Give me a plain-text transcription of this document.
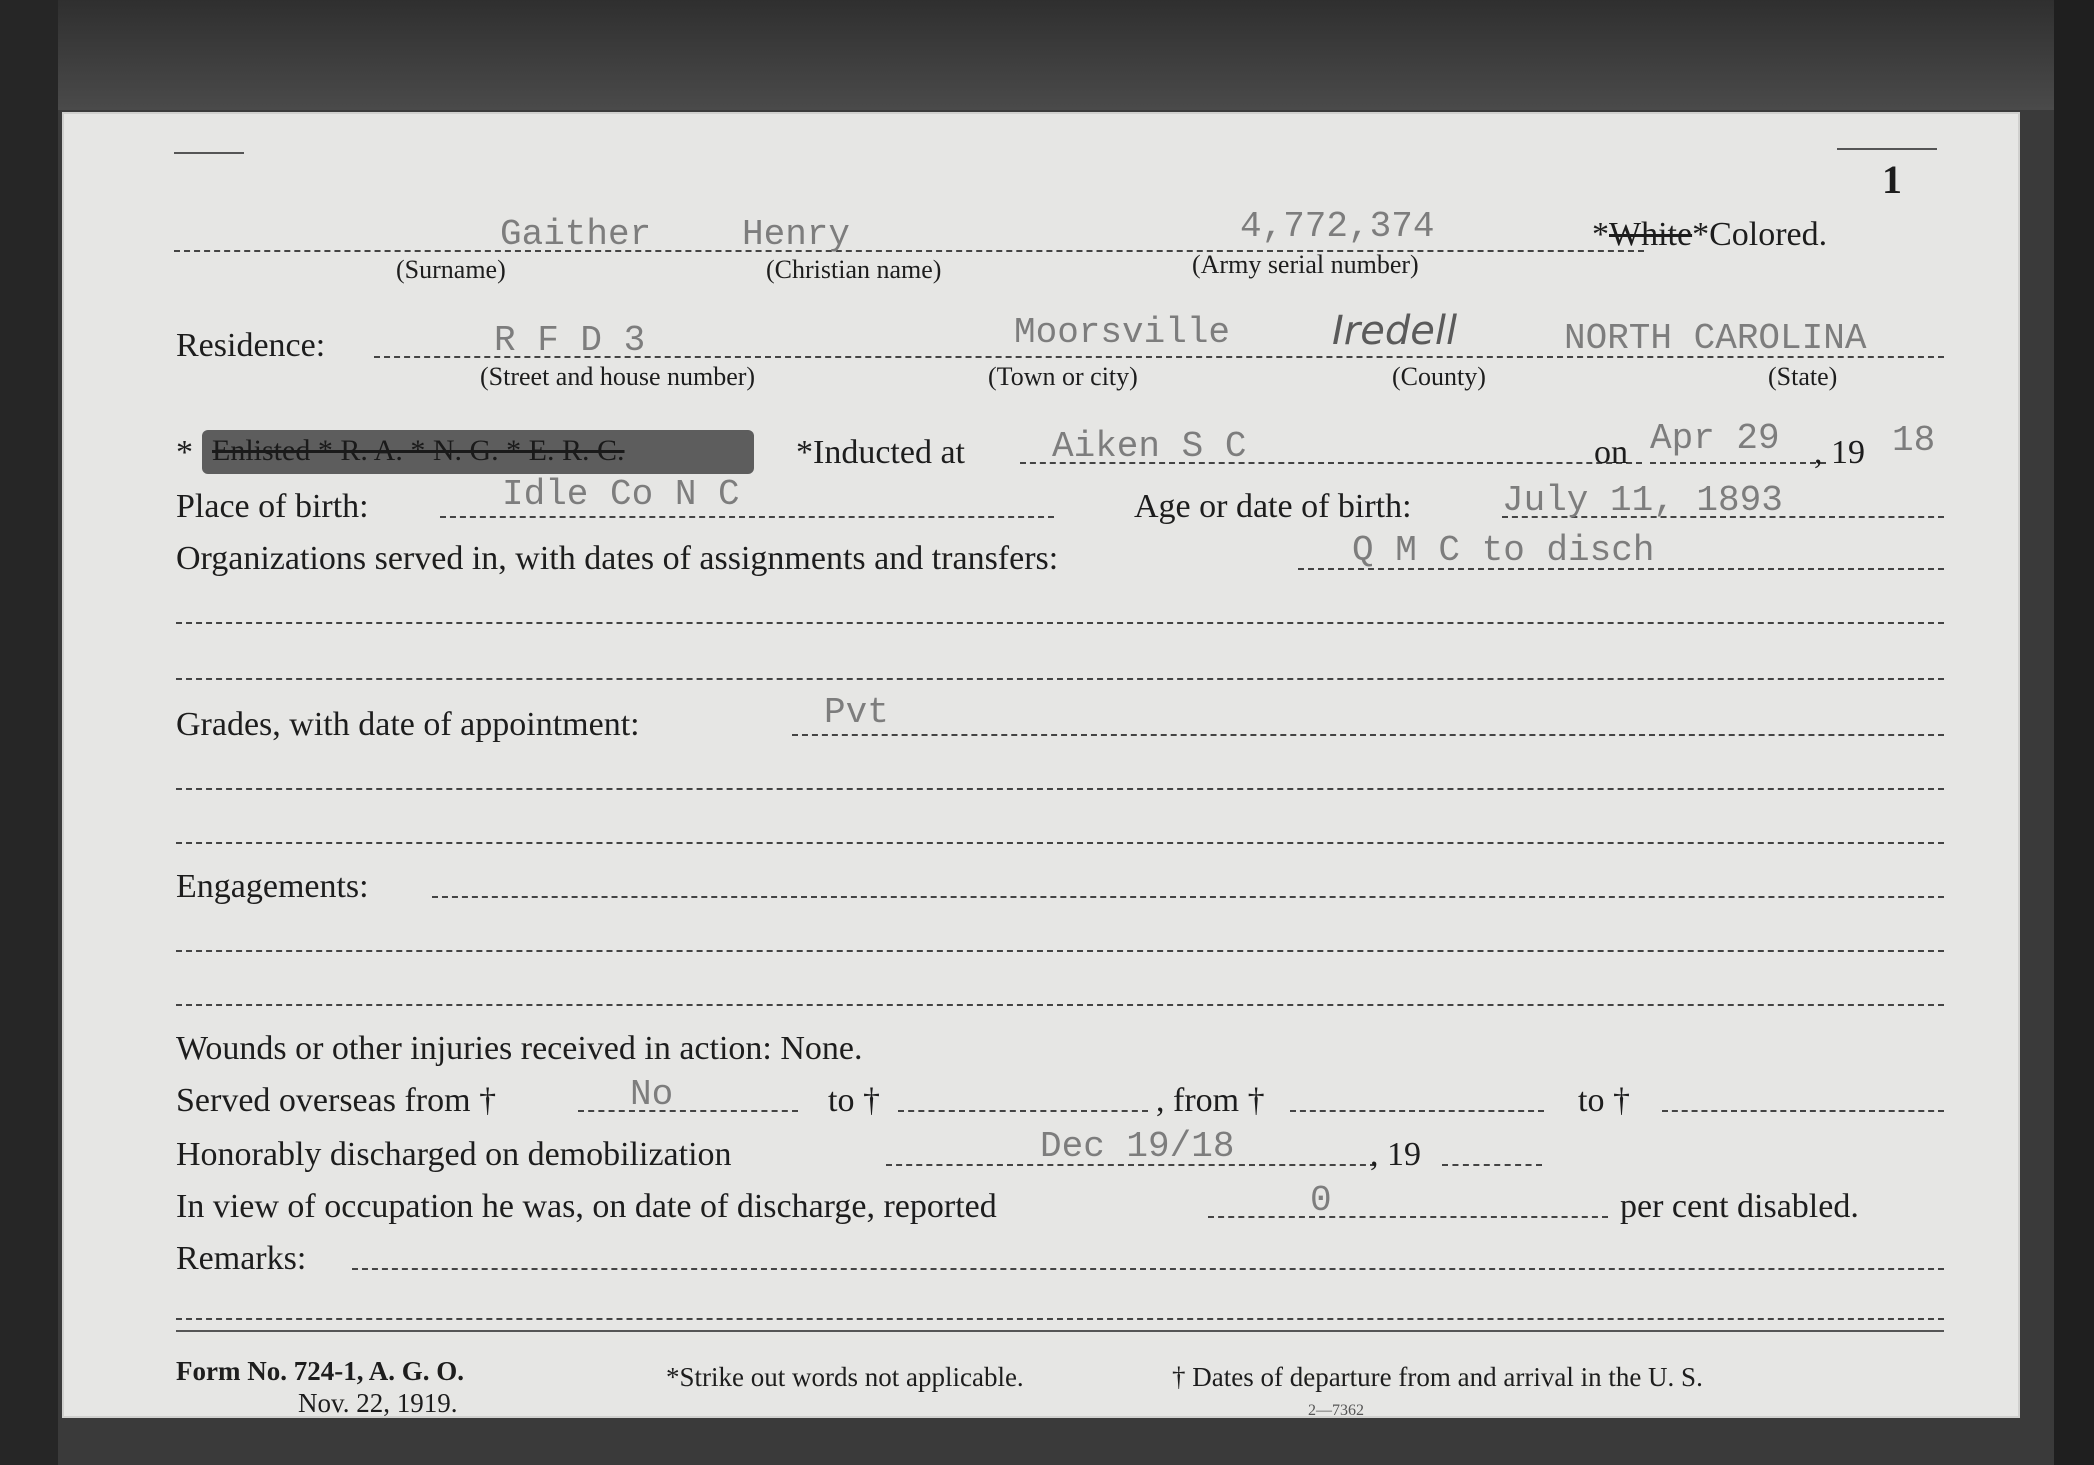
1
Gaither	Henry	4,772,374	*White*Colored.
(Surname)	(Christian name)	(Army serial number)
Residence:	R F D 3	Moorsville	Iredell	NORTH CAROLINA
(Street and house number)	(Town or city)	(County)	(State)
* Enlisted * R. A. * N. G. * E. R. C.	*Inducted at Aiken S C	on Apr 29 , 19 18
Place of birth:	Idle Co N C	Age or date of birth:	July 11, 1893
Organizations served in, with dates of assignments and transfers:	Q M C to disch
Grades, with date of appointment:	Pvt
Engagements:
Wounds or other injuries received in action: None.
Served overseas from †	No	to †	, from †	to †
Honorably discharged on demobilization	Dec 19/18	, 19
In view of occupation he was, on date of discharge, reported	0	per cent disabled.
Remarks:
Form No. 724-1, A. G. O.
Nov. 22, 1919.
*Strike out words not applicable.	† Dates of departure from and arrival in the U. S.
2—7362
